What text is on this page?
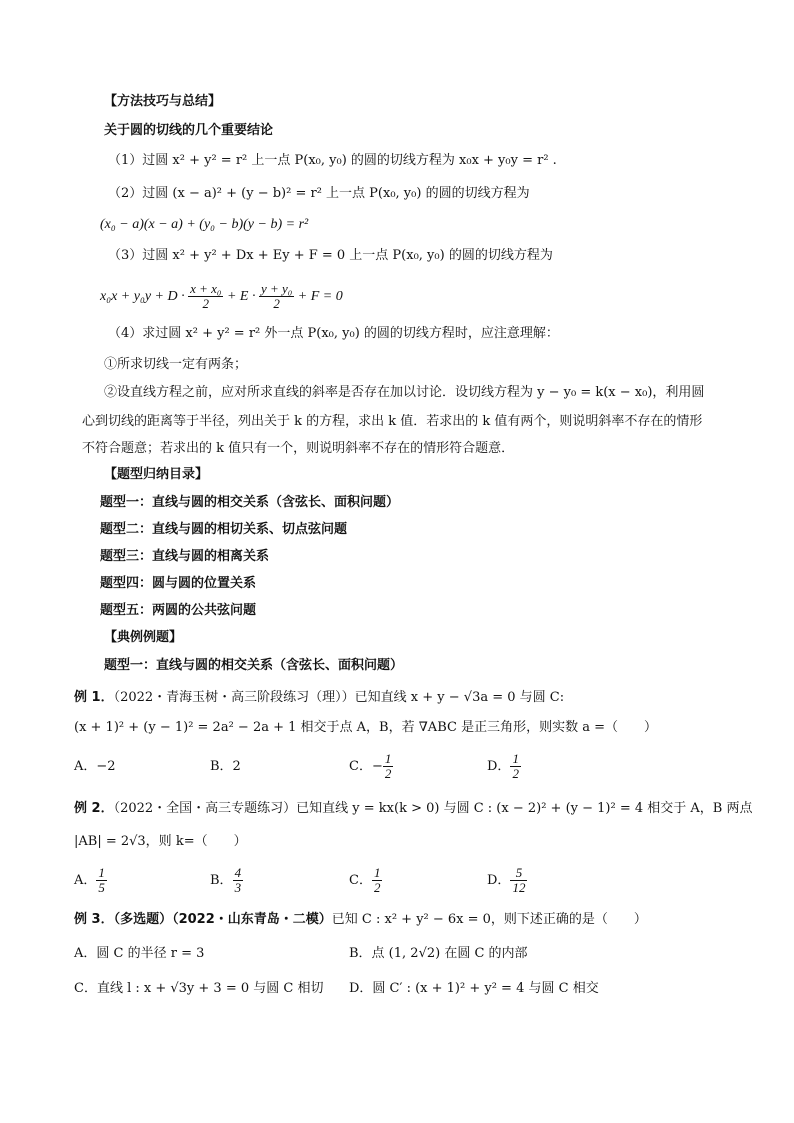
【方法技巧与总结】
关于圆的切线的几个重要结论
（1）过圆 x² + y² = r² 上一点 P(x₀, y₀) 的圆的切线方程为 x₀x + y₀y = r² .
（2）过圆 (x − a)² + (y − b)² = r² 上一点 P(x₀, y₀) 的圆的切线方程为
(x₀ − a)(x − a) + (y₀ − b)(y − b) = r²
（3）过圆 x² + y² + Dx + Ey + F = 0 上一点 P(x₀, y₀) 的圆的切线方程为
$x_0x + y_0y + D \cdot \frac{\text{x + x₀}}{2} + E \cdot \frac{\text{y + y₀}}{2} + F = 0$
（4）求过圆 x² + y² = r² 外一点 P(x₀, y₀) 的圆的切线方程时，应注意理解：
①所求切线一定有两条；
②设直线方程之前，应对所求直线的斜率是否存在加以讨论．设切线方程为 y − y₀ = k(x − x₀)，利用圆
心到切线的距离等于半径，列出关于 k 的方程，求出 k 值．若求出的 k 值有两个，则说明斜率不存在的情形
不符合题意；若求出的 k 值只有一个，则说明斜率不存在的情形符合题意．
【题型归纳目录】
题型一：直线与圆的相交关系（含弦长、面积问题）
题型二：直线与圆的相切关系、切点弦问题
题型三：直线与圆的相离关系
题型四：圆与圆的位置关系
题型五：两圆的公共弦问题
【典例例题】
题型一：直线与圆的相交关系（含弦长、面积问题）
例 1．（2022・青海玉树・高三阶段练习（理））已知直线 x + y − √3a = 0 与圆 C:
(x + 1)² + (y − 1)² = 2a² − 2a + 1 相交于点 A，B，若 ∇ABC 是正三角形，则实数 a =（　　）
A．−2	B．2	C．− $\frac{1}{2}$	D． $\frac{1}{2}$
例 2．（2022・全国・高三专题练习）已知直线 y = kx(k > 0) 与圆 C : (x − 2)² + (y − 1)² = 4 相交于 A，B 两点
|AB| = 2√3，则 k=（　　）
A． $\frac{1}{5}$	B． $\frac{4}{3}$	C． $\frac{1}{2}$	D． $\frac{5}{12}$
例 3．（多选题）（2022・山东青岛・二模）已知 C : x² + y² − 6x = 0，则下述正确的是（　　）
A．圆 C 的半径 r = 3	B．点 (1, 2√2) 在圆 C 的内部
C．直线 l : x + √3y + 3 = 0 与圆 C 相切 D．圆 C′ : (x + 1)² + y² = 4 与圆 C 相交
